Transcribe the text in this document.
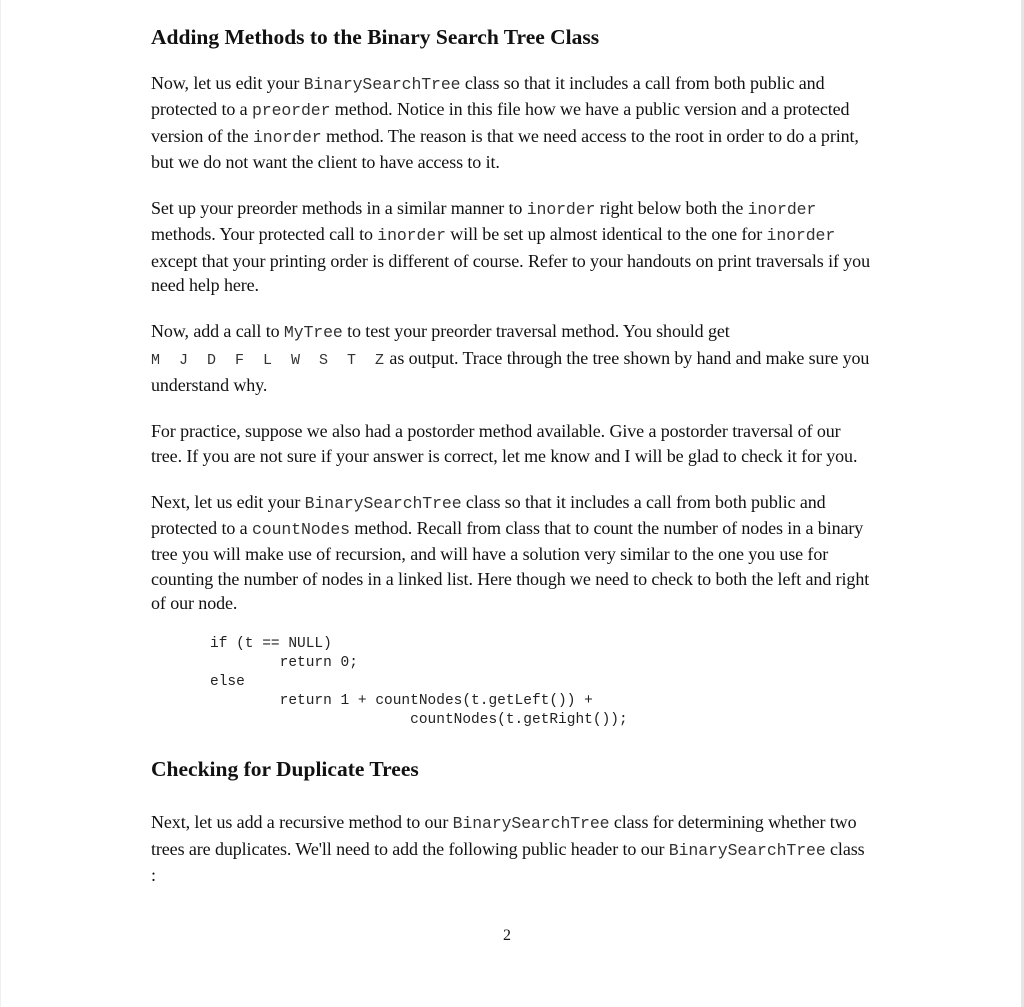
Adding Methods to the Binary Search Tree Class

Now, let us edit your BinarySearchTree class so that it includes a call from both public and protected to a preorder method. Notice in this file how we have a public version and a protected version of the inorder method. The reason is that we need access to the root in order to do a print, but we do not want the client to have access to it.

Set up your preorder methods in a similar manner to inorder right below both the inorder methods. Your protected call to inorder will be set up almost identical to the one for inorder except that your printing order is different of course. Refer to your handouts on print traversals if you need help here.

Now, add a call to MyTree to test your preorder traversal method. You should get
M J D F L W S T Z as output. Trace through the tree shown by hand and make sure you understand why.

For practice, suppose we also had a postorder method available. Give a postorder traversal of our tree. If you are not sure if your answer is correct, let me know and I will be glad to check it for you.

Next, let us edit your BinarySearchTree class so that it includes a call from both public and protected to a countNodes method. Recall from class that to count the number of nodes in a binary tree you will make use of recursion, and will have a solution very similar to the one you use for counting the number of nodes in a linked list. Here though we need to check to both the left and right of our node.

if (t == NULL)
return 0;
else
return 1 + countNodes(t.getLeft()) +
countNodes(t.getRight());
Checking for Duplicate Trees

Next, let us add a recursive method to our BinarySearchTree class for determining whether two trees are duplicates. We'll need to add the following public header to our BinarySearchTree class :

2
